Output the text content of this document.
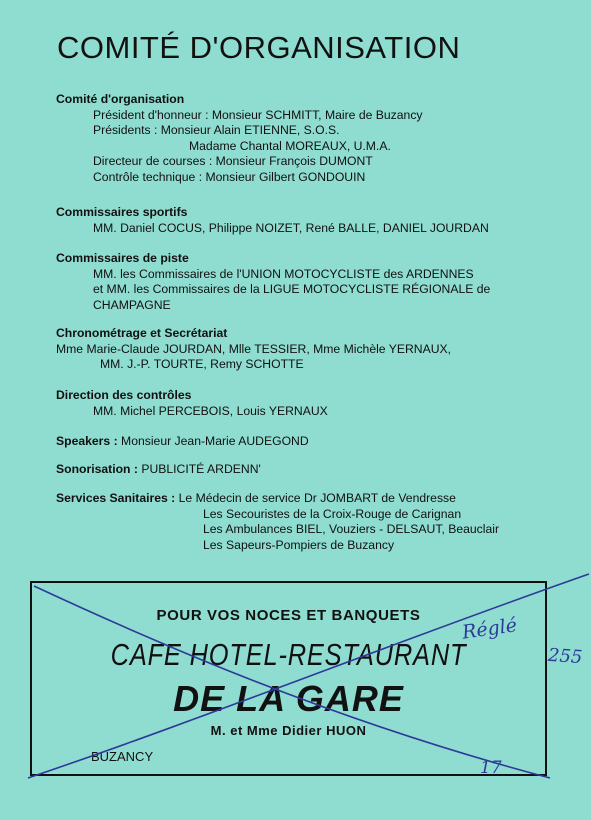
COMITÉ D'ORGANISATION
Comité d'organisation
Président d'honneur : Monsieur SCHMITT, Maire de Buzancy
Présidents : Monsieur Alain ETIENNE, S.O.S.
Madame Chantal MOREAUX, U.M.A.
Directeur de courses : Monsieur François DUMONT
Contrôle technique : Monsieur Gilbert GONDOUIN
Commissaires sportifs
MM. Daniel COCUS, Philippe NOIZET, René BALLE, DANIEL JOURDAN
Commissaires de piste
MM. les Commissaires de l'UNION MOTOCYCLISTE des ARDENNES
et MM. les Commissaires de la LIGUE MOTOCYCLISTE RÉGIONALE de
CHAMPAGNE
Chronométrage et Secrétariat
Mme Marie-Claude JOURDAN, Mlle TESSIER, Mme Michèle YERNAUX,
MM. J.-P. TOURTE, Remy SCHOTTE
Direction des contrôles
MM. Michel PERCEBOIS, Louis YERNAUX
Speakers : Monsieur Jean-Marie AUDEGOND
Sonorisation : PUBLICITÉ ARDENN'
Services Sanitaires : Le Médecin de service Dr JOMBART de Vendresse
Les Secouristes de la Croix-Rouge de Carignan
Les Ambulances BIEL, Vouziers - DELSAUT, Beauclair
Les Sapeurs-Pompiers de Buzancy
POUR VOS NOCES ET BANQUETS
CAFE HOTEL-RESTAURANT
DE LA GARE
M. et Mme Didier HUON
BUZANCY
Réglé
255
17
